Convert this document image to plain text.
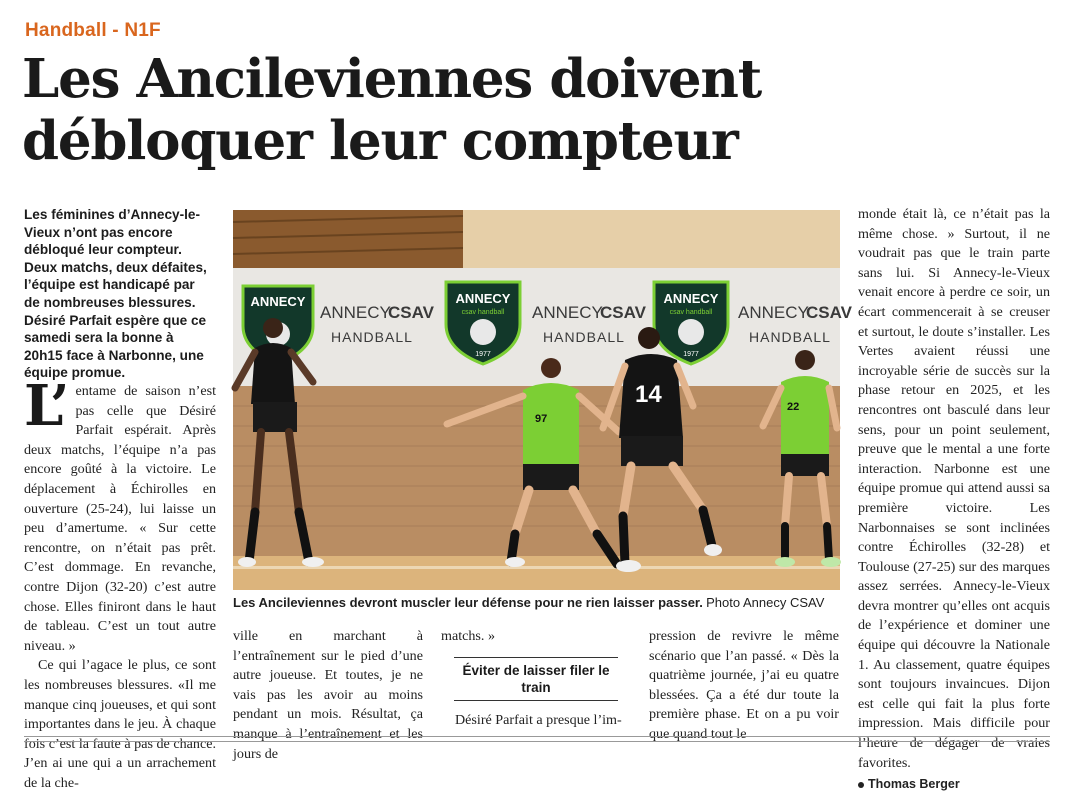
Handball - N1F
Les Ancileviennes doivent
débloquer leur compteur

Les féminines d’Annecy-le-Vieux n’ont pas encore débloqué leur compteur. Deux matchs, deux défaites, l’équipe est handicapé par de nombreuses blessures. Désiré Parfait espère que ce samedi sera la bonne à 20h15 face à Narbonne, une équipe promue.

L’ entame de saison n’est pas celle que Désiré Parfait espérait. Après deux matchs, l’équipe n’a pas encore goûté à la victoire. Le déplacement à Échirolles en ouverture (25-24), lui laisse un peu d’amertume. « Sur cette rencontre, on n’était pas prêt. C’est dommage. En revanche, contre Dijon (32-20) c’est autre chose. Elles finiront dans le haut de tableau. C’est un tout autre niveau. »

Ce qui l’agace le plus, ce sont les nombreuses blessures. «Il me manque cinq joueuses, et qui sont importantes dans le jeu. À chaque fois c’est la faute à pas de chance. J’en ai une qui a un arrachement de la che-

ANNECY	ANNECY	ANNECY
csav handball	csav handball
1977	1977
ANNECY
CSAV	ANNECY
CSAV	ANNECY
CSAV
HANDBALL	HANDBALL	HANDBALL
97
14	22
Les Ancileviennes devront muscler leur défense pour ne rien laisser passer. Photo Annecy CSAV

ville en marchant à l’entraînement sur le pied d’une autre joueuse. Et toutes, je ne vais pas les avoir au moins pendant un mois. Résultat, ça manque à l’entraînement et les jours de

matchs. »

Éviter de laisser filer le train

Désiré Parfait a presque l’im-

pression de revivre le même scénario que l’an passé. « Dès la quatrième journée, j’ai eu quatre blessées. Ça a été dur toute la première phase. Et on a pu voir que quand tout le

monde était là, ce n’était pas la même chose. » Surtout, il ne voudrait pas que le train parte sans lui. Si Annecy-le-Vieux venait encore à perdre ce soir, un écart commencerait à se creuser et surtout, le doute s’installer. Les Vertes avaient réussi une incroyable série de succès sur la phase retour en 2025, et les rencontres ont basculé dans leur sens, pour un point seulement, preuve que le mental a une forte interaction. Narbonne est une équipe promue qui attend aussi sa première victoire. Les Narbonnaises se sont inclinées contre Échirolles (32-28) et Toulouse (27-25) sur des marques assez serrées. Annecy-le-Vieux devra montrer qu’elles ont acquis de l’expérience et dominer une équipe qui découvre la Nationale 1. Au classement, quatre équipes sont toujours invaincues. Dijon est celle qui fait la plus forte impression. Mais difficile pour l’heure de dégager de vraies favorites.

Thomas Berger
